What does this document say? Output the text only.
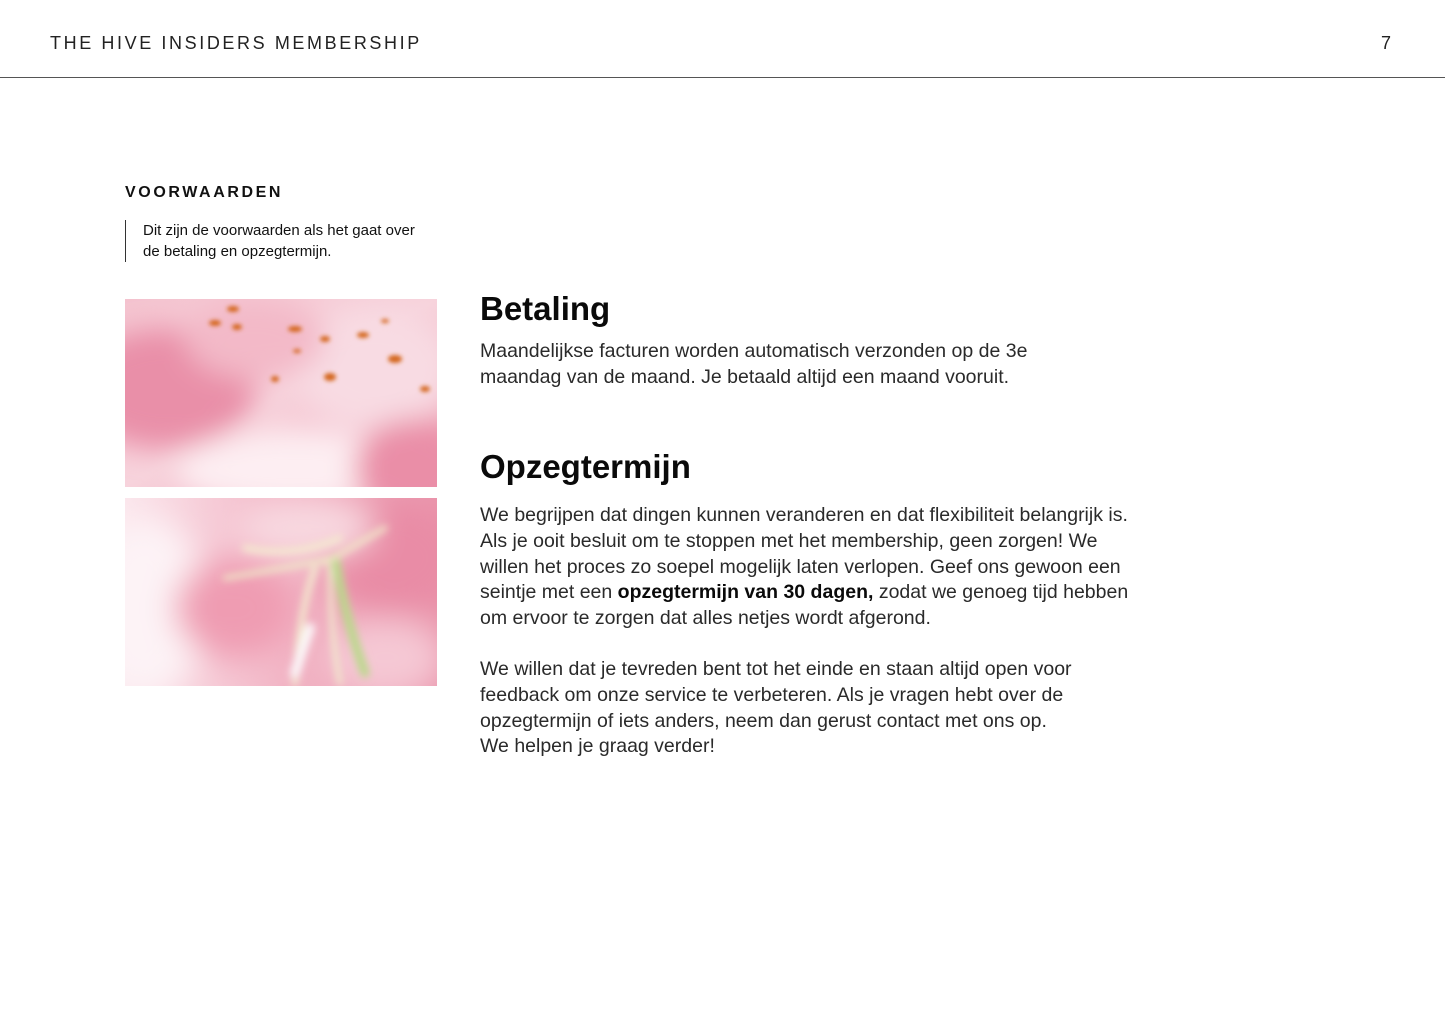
THE HIVE INSIDERS MEMBERSHIP	7
VOORWAARDEN
Dit zijn de voorwaarden als het gaat over de betaling en opzegtermijn.
Betaling
Maandelijkse facturen worden automatisch verzonden op de 3e maandag van de maand. Je betaald altijd een maand vooruit.
Opzegtermijn
We begrijpen dat dingen kunnen veranderen en dat flexibiliteit belangrijk is. Als je ooit besluit om te stoppen met het membership, geen zorgen! We willen het proces zo soepel mogelijk laten verlopen. Geef ons gewoon een seintje met een opzegtermijn van 30 dagen, zodat we genoeg tijd hebben om ervoor te zorgen dat alles netjes wordt afgerond.
We willen dat je tevreden bent tot het einde en staan altijd open voor feedback om onze service te verbeteren. Als je vragen hebt over de opzegtermijn of iets anders, neem dan gerust contact met ons op.
We helpen je graag verder!
